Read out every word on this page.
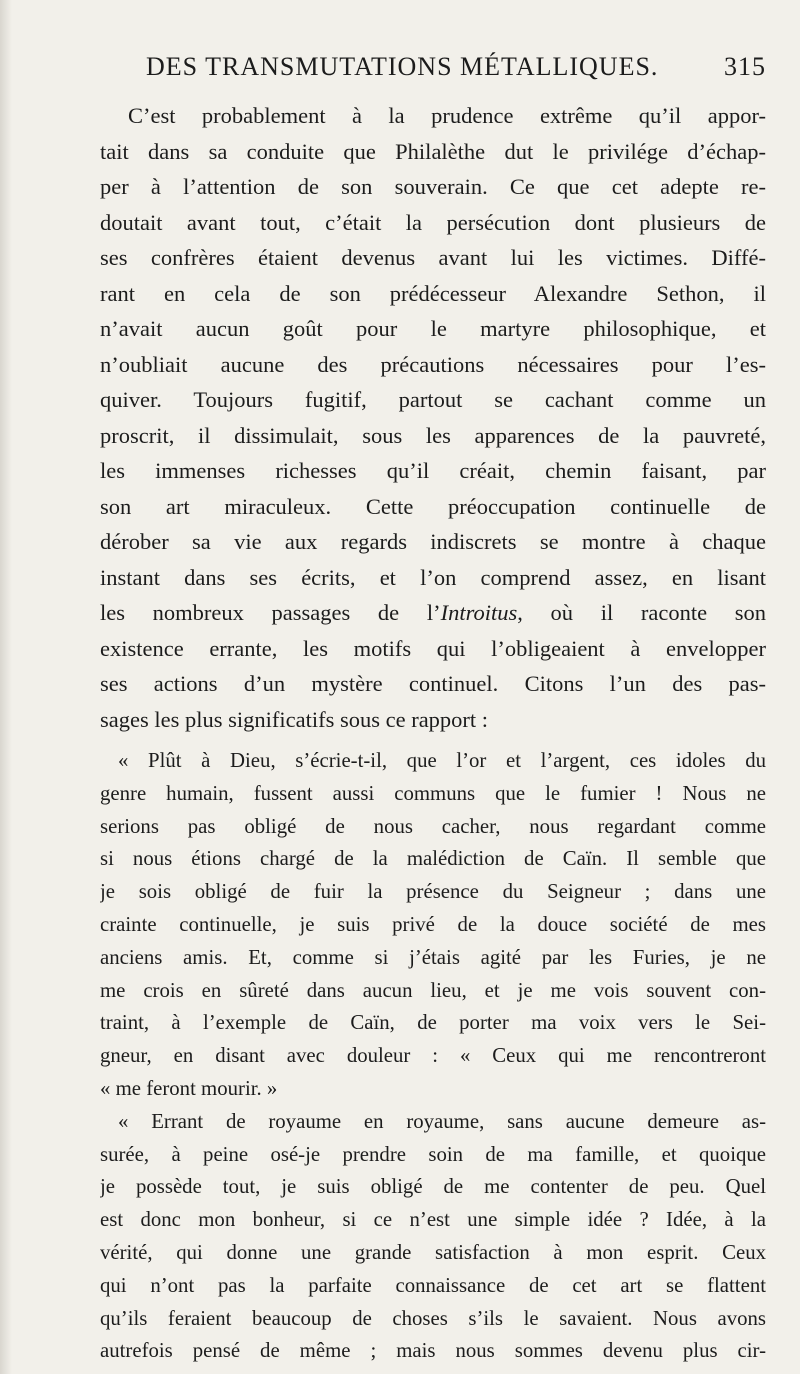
DES TRANSMUTATIONS MÉTALLIQUES.	315
C’est probablement à la prudence extrême qu’il appor-
tait dans sa conduite que Philalèthe dut le privilége d’échap-
per à l’attention de son souverain. Ce que cet adepte re-
doutait avant tout, c’était la persécution dont plusieurs de
ses confrères étaient devenus avant lui les victimes. Diffé-
rant en cela de son prédécesseur Alexandre Sethon, il
n’avait aucun goût pour le martyre philosophique, et
n’oubliait aucune des précautions nécessaires pour l’es-
quiver. Toujours fugitif, partout se cachant comme un
proscrit, il dissimulait, sous les apparences de la pauvreté,
les immenses richesses qu’il créait, chemin faisant, par
son art miraculeux. Cette préoccupation continuelle de
dérober sa vie aux regards indiscrets se montre à chaque
instant dans ses écrits, et l’on comprend assez, en lisant
les nombreux passages de l’Introitus, où il raconte son
existence errante, les motifs qui l’obligeaient à envelopper
ses actions d’un mystère continuel. Citons l’un des pas-
sages les plus significatifs sous ce rapport :
« Plût à Dieu, s’écrie-t-il, que l’or et l’argent, ces idoles du
genre humain, fussent aussi communs que le fumier ! Nous ne
serions pas obligé de nous cacher, nous regardant comme
si nous étions chargé de la malédiction de Caïn. Il semble que
je sois obligé de fuir la présence du Seigneur ; dans une
crainte continuelle, je suis privé de la douce société de mes
anciens amis. Et, comme si j’étais agité par les Furies, je ne
me crois en sûreté dans aucun lieu, et je me vois souvent con-
traint, à l’exemple de Caïn, de porter ma voix vers le Sei-
gneur, en disant avec douleur : « Ceux qui me rencontreront
« me feront mourir. »
« Errant de royaume en royaume, sans aucune demeure as-
surée, à peine osé-je prendre soin de ma famille, et quoique
je possède tout, je suis obligé de me contenter de peu. Quel
est donc mon bonheur, si ce n’est une simple idée ? Idée, à la
vérité, qui donne une grande satisfaction à mon esprit. Ceux
qui n’ont pas la parfaite connaissance de cet art se flattent
qu’ils feraient beaucoup de choses s’ils le savaient. Nous avons
autrefois pensé de même ; mais nous sommes devenu plus cir-
